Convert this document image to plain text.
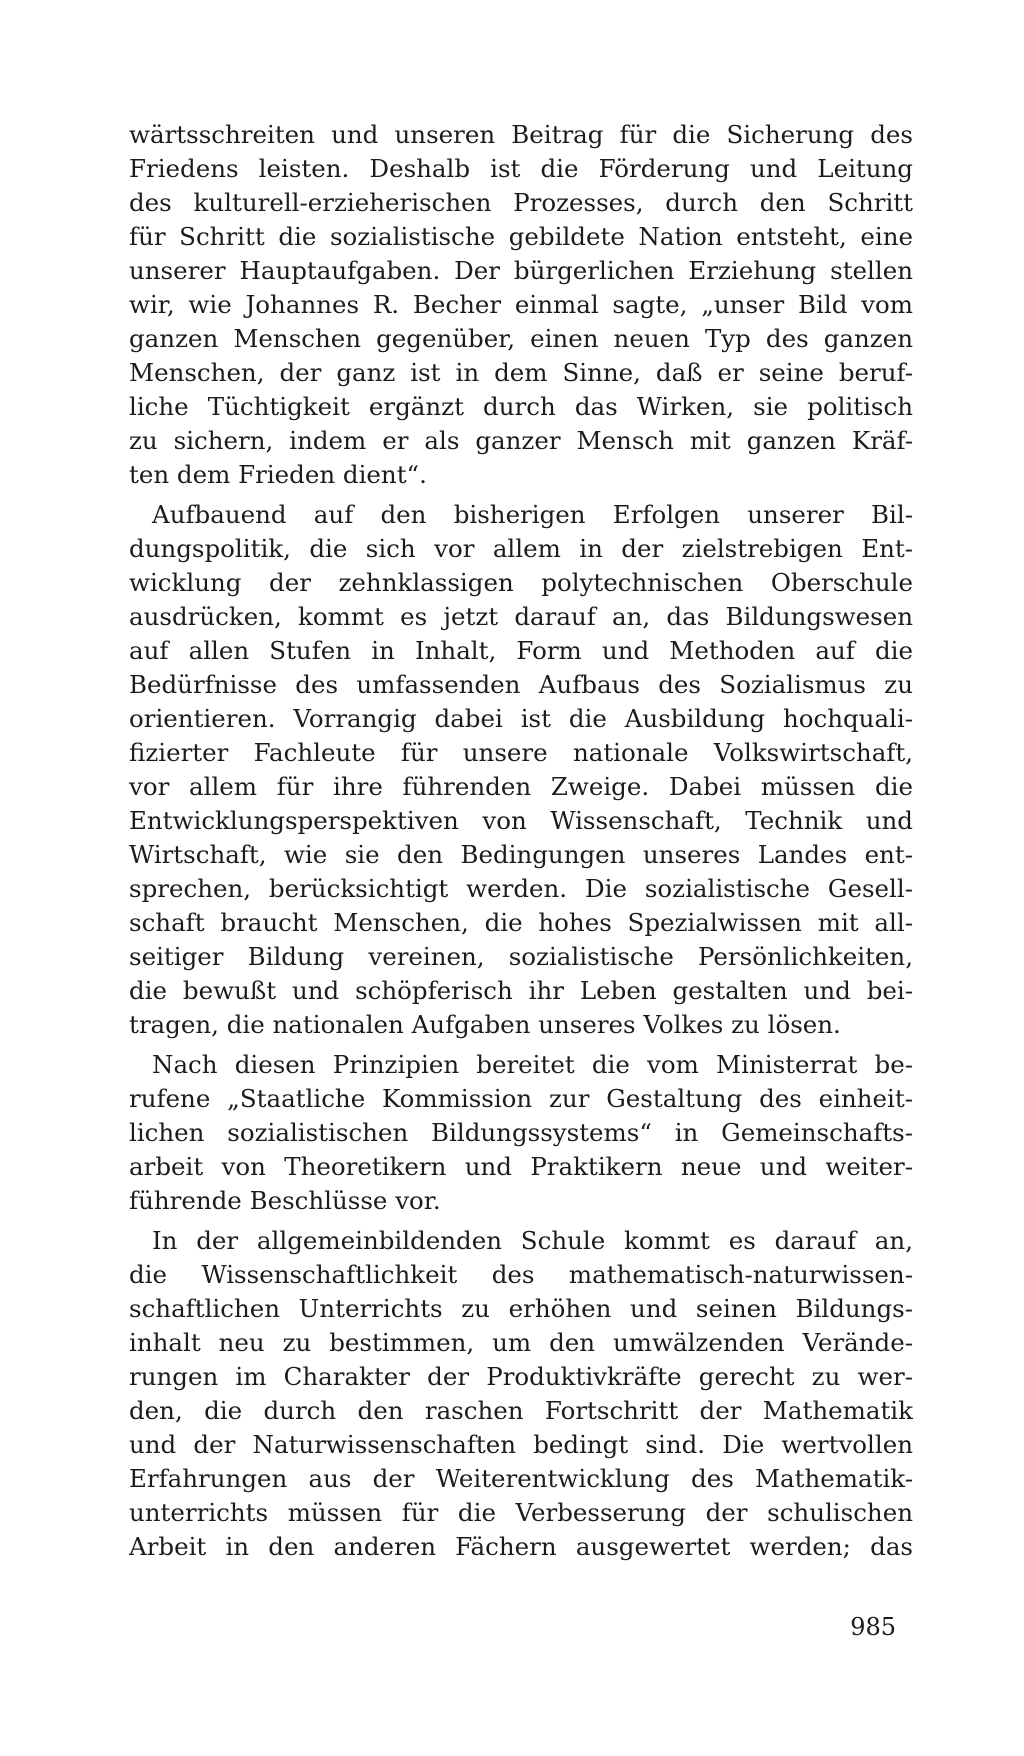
wärtsschreiten und unseren Beitrag für die Sicherung des
Friedens leisten. Deshalb ist die Förderung und Leitung
des kulturell-erzieherischen Prozesses, durch den Schritt
für Schritt die sozialistische gebildete Nation entsteht, eine
unserer Hauptaufgaben. Der bürgerlichen Erziehung stellen
wir, wie Johannes R. Becher einmal sagte, „unser Bild vom
ganzen Menschen gegenüber, einen neuen Typ des ganzen
Menschen, der ganz ist in dem Sinne, daß er seine beruf-
liche Tüchtigkeit ergänzt durch das Wirken, sie politisch
zu sichern, indem er als ganzer Mensch mit ganzen Kräf-
ten dem Frieden dient“.
Aufbauend auf den bisherigen Erfolgen unserer Bil-
dungspolitik, die sich vor allem in der zielstrebigen Ent-
wicklung der zehnklassigen polytechnischen Oberschule
ausdrücken, kommt es jetzt darauf an, das Bildungswesen
auf allen Stufen in Inhalt, Form und Methoden auf die
Bedürfnisse des umfassenden Aufbaus des Sozialismus zu
orientieren. Vorrangig dabei ist die Ausbildung hochquali-
fizierter Fachleute für unsere nationale Volkswirtschaft,
vor allem für ihre führenden Zweige. Dabei müssen die
Entwicklungsperspektiven von Wissenschaft, Technik und
Wirtschaft, wie sie den Bedingungen unseres Landes ent-
sprechen, berücksichtigt werden. Die sozialistische Gesell-
schaft braucht Menschen, die hohes Spezialwissen mit all-
seitiger Bildung vereinen, sozialistische Persönlichkeiten,
die bewußt und schöpferisch ihr Leben gestalten und bei-
tragen, die nationalen Aufgaben unseres Volkes zu lösen.
Nach diesen Prinzipien bereitet die vom Ministerrat be-
rufene „Staatliche Kommission zur Gestaltung des einheit-
lichen sozialistischen Bildungssystems“ in Gemeinschafts-
arbeit von Theoretikern und Praktikern neue und weiter-
führende Beschlüsse vor.
In der allgemeinbildenden Schule kommt es darauf an,
die Wissenschaftlichkeit des mathematisch-naturwissen-
schaftlichen Unterrichts zu erhöhen und seinen Bildungs-
inhalt neu zu bestimmen, um den umwälzenden Verände-
rungen im Charakter der Produktivkräfte gerecht zu wer-
den, die durch den raschen Fortschritt der Mathematik
und der Naturwissenschaften bedingt sind. Die wertvollen
Erfahrungen aus der Weiterentwicklung des Mathematik-
unterrichts müssen für die Verbesserung der schulischen
Arbeit in den anderen Fächern ausgewertet werden; das
985
